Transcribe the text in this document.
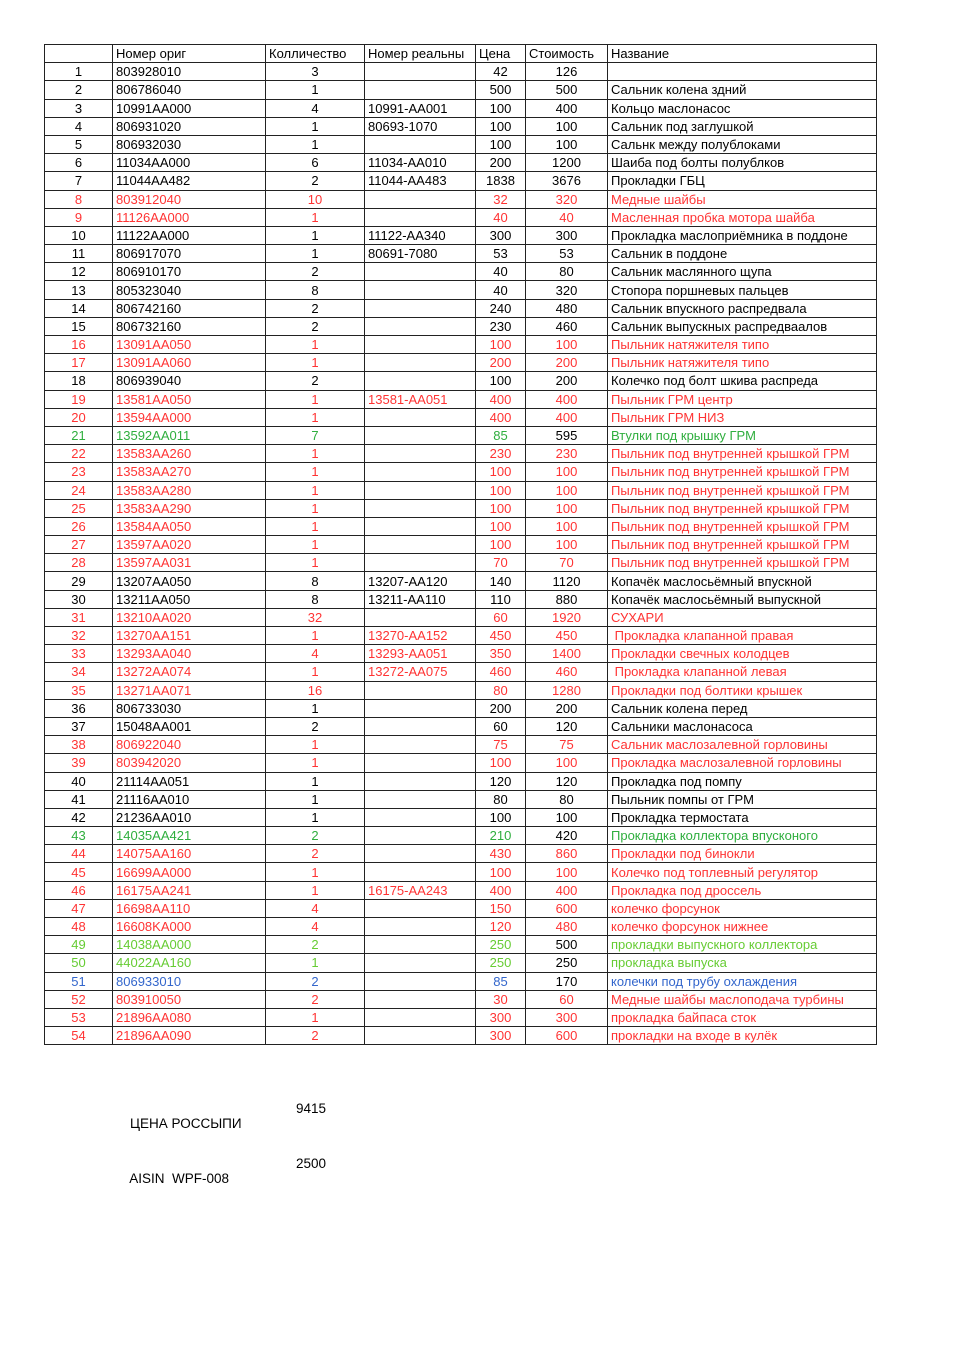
	Номер ориг	Колличество	Номер реальны	Цена	Стоимость	Название
1	803928010	3		42	126	
2	806786040	1		500	500	Сальник колена здний
3	10991AA000	4	10991-AA001	100	400	Кольцо маслонасос
4	806931020	1	80693-1070	100	100	Сальник под заглушкой
5	806932030	1		100	100	Сальнк между полублоками
6	11034AA000	6	11034-AA010	200	1200	Шаиба под болты полублков
7	11044AA482	2	11044-AA483	1838	3676	Прокладки ГБЦ
8	803912040	10		32	320	Медные шайбы
9	11126AA000	1		40	40	Масленная пробка мотора шайба
10	11122AA000	1	11122-AA340	300	300	Прокладка маслоприёмника в поддоне
11	806917070	1	80691-7080	53	53	Сальник в поддоне
12	806910170	2		40	80	Сальник маслянного щупа
13	805323040	8		40	320	Стопора поршневых пальцев
14	806742160	2		240	480	Сальник впускного распредвала
15	806732160	2		230	460	Сальник выпускных распредваалов
16	13091AA050	1		100	100	Пыльник натяжителя типо
17	13091AA060	1		200	200	Пыльник натяжителя типо
18	806939040	2		100	200	Колечко под болт шкива распреда
19	13581AA050	1	13581-AA051	400	400	Пыльник ГРМ центр
20	13594AA000	1		400	400	Пыльник ГРМ НИЗ
21	13592AA011	7		85	595	Втулки под крышку ГРМ
22	13583AA260	1		230	230	Пыльник под внутренней крышкой ГРМ
23	13583AA270	1		100	100	Пыльник под внутренней крышкой ГРМ
24	13583AA280	1		100	100	Пыльник под внутренней крышкой ГРМ
25	13583AA290	1		100	100	Пыльник под внутренней крышкой ГРМ
26	13584AA050	1		100	100	Пыльник под внутренней крышкой ГРМ
27	13597AA020	1		100	100	Пыльник под внутренней крышкой ГРМ
28	13597AA031	1		70	70	Пыльник под внутренней крышкой ГРМ
29	13207AA050	8	13207-AA120	140	1120	Копачёк маслосьёмный впускной
30	13211AA050	8	13211-AA110	110	880	Копачёк маслосьёмный выпускной
31	13210AA020	32		60	1920	СУХАРИ
32	13270AA151	1	13270-AA152	450	450	Прокладка клапанной правая
33	13293AA040	4	13293-AA051	350	1400	Прокладки свечных колодцев
34	13272AA074	1	13272-AA075	460	460	Прокладка клапанной левая
35	13271AA071	16		80	1280	Прокладки под болтики крышек
36	806733030	1		200	200	Сальник колена перед
37	15048AA001	2		60	120	Сальники маслонасоса
38	806922040	1		75	75	Сальник маслозалевной горловины
39	803942020	1		100	100	Прокладка маслозалевной горловины
40	21114AA051	1		120	120	Прокладка под помпу
41	21116AA010	1		80	80	Пыльник помпы от ГРМ
42	21236AA010	1		100	100	Прокладка термостата
43	14035AA421	2		210	420	Прокладка коллектора впусконого
44	14075AA160	2		430	860	Прокладки под бинокли
45	16699AA000	1		100	100	Колечко под топлевный регулятор
46	16175AA241	1	16175-AA243	400	400	Прокладка под дроссель
47	16698AA110	4		150	600	колечко форсунок
48	16608KA000	4		120	480	колечко форсунок нижнее
49	14038AA000	2		250	500	прокладки выпускного коллектора
50	44022AA160	1		250	250	прокладка выпуска
51	806933010	2		85	170	колечки под трубу охлаждения
52	803910050	2		30	60	Медные шайбы маслоподача турбины
53	21896AA080	1		300	300	прокладка байпаса сток
54	21896AA090	2		300	600	прокладки на входе в кулёк

ЦЕНА РОССЫПИ

9415

AISIN  WPF-008

2500
